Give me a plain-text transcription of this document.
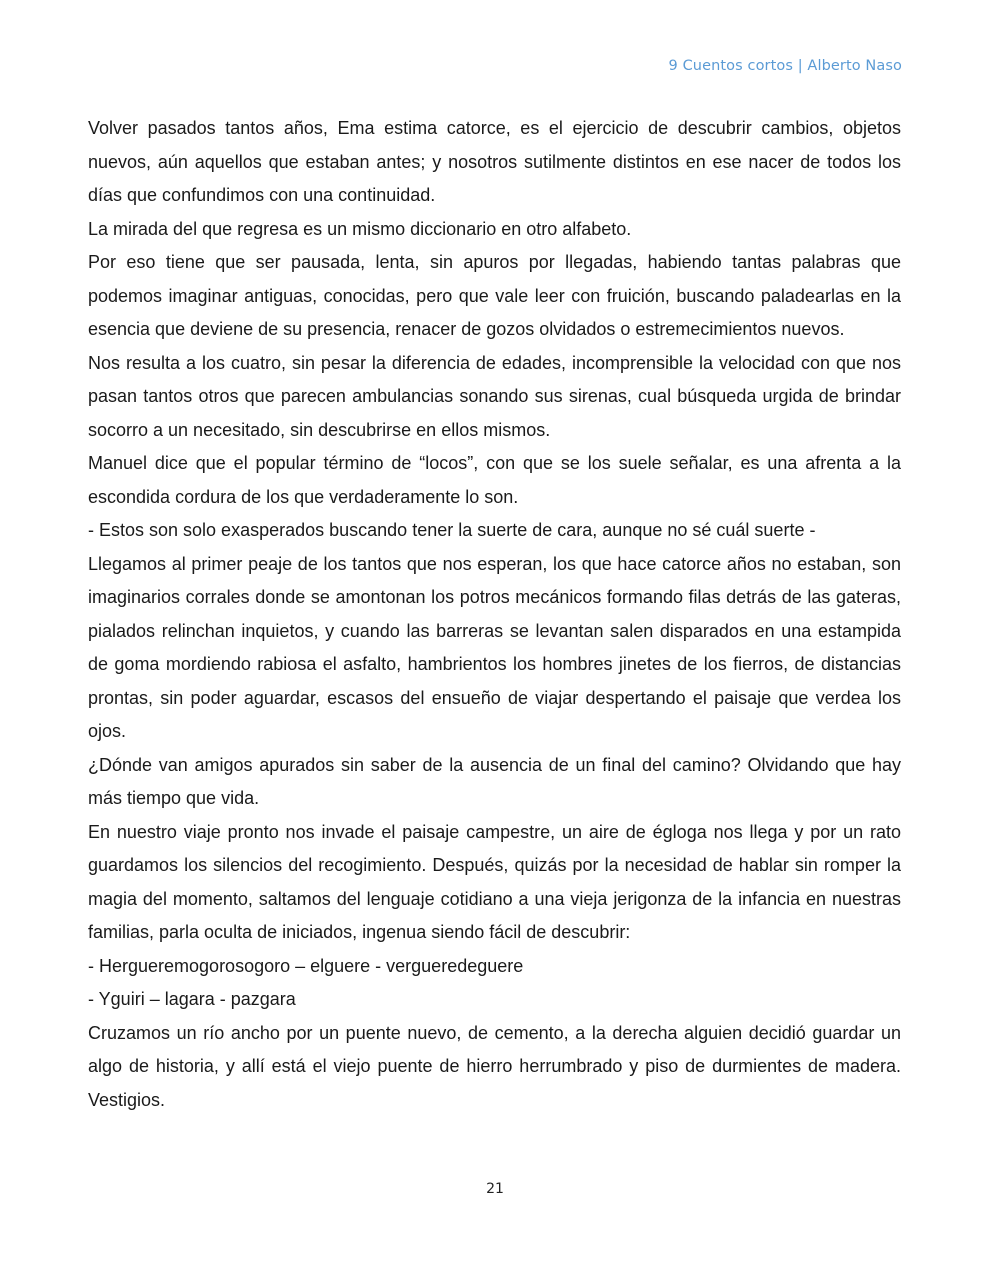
9 Cuentos cortos | Alberto Naso

Volver pasados tantos años, Ema estima catorce, es el ejercicio de descubrir cambios, objetos nuevos, aún aquellos que estaban antes; y nosotros sutilmente distintos en ese nacer de todos los días que confundimos con una continuidad.

La mirada del que regresa es un mismo diccionario en otro alfabeto.

Por eso tiene que ser pausada, lenta, sin apuros por llegadas, habiendo tantas palabras que podemos imaginar antiguas, conocidas, pero que vale leer con fruición, buscando paladearlas en la esencia que deviene de su presencia, renacer de gozos olvidados o estremecimientos nuevos.

Nos resulta a los cuatro, sin pesar la diferencia de edades, incomprensible la velocidad con que nos pasan tantos otros que parecen ambulancias sonando sus sirenas, cual búsqueda urgida de brindar socorro a un necesitado, sin descubrirse en ellos mismos.

Manuel dice que el popular término de “locos”, con que se los suele señalar, es una afrenta a la escondida cordura de los que verdaderamente lo son.

- Estos son solo exasperados buscando tener la suerte de cara, aunque no sé cuál suerte -

Llegamos al primer peaje de los tantos que nos esperan, los que hace catorce años no estaban, son imaginarios corrales donde se amontonan los potros mecánicos formando filas detrás de las gateras, pialados relinchan inquietos, y cuando las barreras se levantan salen disparados en una estampida de goma mordiendo rabiosa el asfalto, hambrientos los hombres jinetes de los fierros, de distancias prontas, sin poder aguardar, escasos del ensueño de viajar despertando el paisaje que verdea los ojos.

¿Dónde van amigos apurados sin saber de la ausencia de un final del camino? Olvidando que hay más tiempo que vida.

En nuestro viaje pronto nos invade el paisaje campestre, un aire de égloga nos llega y por un rato guardamos los silencios del recogimiento. Después, quizás por la necesidad de hablar sin romper la magia del momento, saltamos del lenguaje cotidiano a una vieja jerigonza de la infancia en nuestras familias, parla oculta de iniciados, ingenua siendo fácil de descubrir:

- Hergueremogorosogoro – elguere - vergueredeguere

- Yguiri – lagara - pazgara

Cruzamos un río ancho por un puente nuevo, de cemento, a la derecha alguien decidió guardar un algo de historia, y allí está el viejo puente de hierro herrumbrado y piso de durmientes de madera. Vestigios.

21
